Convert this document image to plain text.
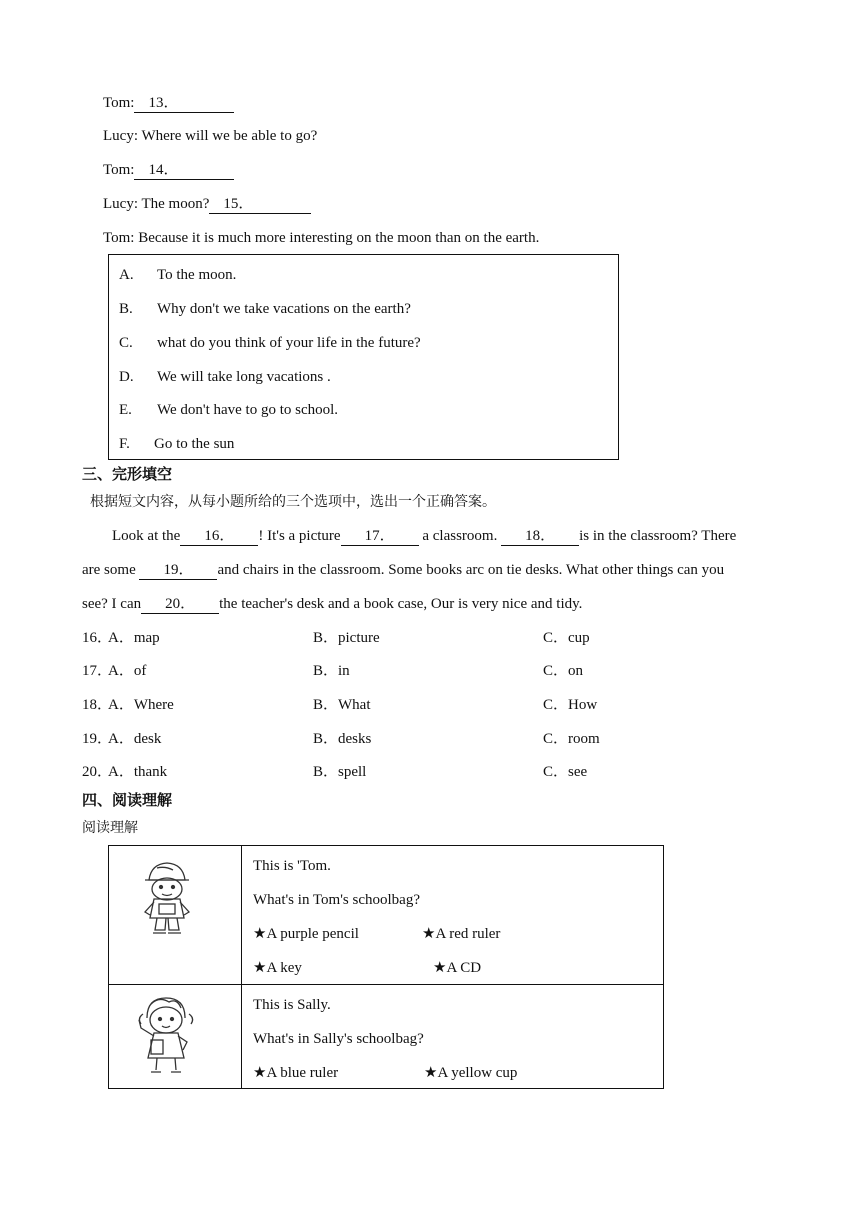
Tom: 13．
Lucy: Where will we be able to go?
Tom: 14．
Lucy: The moon? 15．
Tom: Because it is much more interesting on the moon than on the earth.
A. To the moon.
B. Why don't we take vacations on the earth?
C. what do you think of your life in the future?
D. We will take long vacations .
E. We don't have to go to school.
F. Go to the sun
三、完形填空
根据短文内容，从每小题所给的三个选项中，选出一个正确答案。
Look at the 16． ! It's a picture 17． a classroom. 18． is in the classroom? There
are some 19． and chairs in the classroom. Some books arc on tie desks. What other things can you
see? I can 20． the teacher's desk and a book case, Our is very nice and tidy.
16．
A．map	B．picture	C．cup
17．
A．of	B．in	C．on
18．
A．Where	B．What	C．How
19．
A．desk	B．desks	C．room
20．
A．thank	B．spell	C．see
四、阅读理解
阅读理解
This is 'Tom.
What's in Tom's schoolbag?
★A purple pencil	★A red ruler
★A key	★A CD
This is Sally.
What's in Sally's schoolbag?
★A blue ruler	★A yellow cup
